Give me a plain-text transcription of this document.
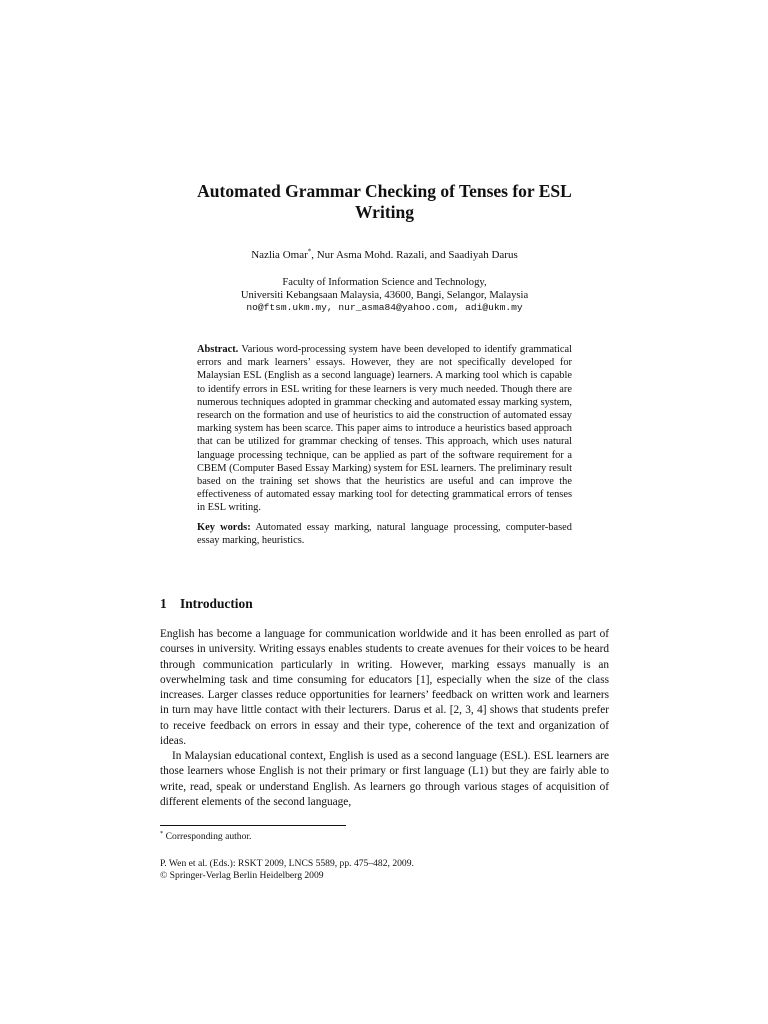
Automated Grammar Checking of Tenses for ESL
Writing
Nazlia Omar*, Nur Asma Mohd. Razali, and Saadiyah Darus
Faculty of Information Science and Technology,
Universiti Kebangsaan Malaysia, 43600, Bangi, Selangor, Malaysia
no@ftsm.ukm.my, nur_asma84@yahoo.com, adi@ukm.my

Abstract. Various word-processing system have been developed to identify grammatical errors and mark learners’ essays. However, they are not specifically developed for Malaysian ESL (English as a second language) learners. A marking tool which is capable to identify errors in ESL writing for these learners is very much needed. Though there are numerous techniques adopted in grammar checking and automated essay marking system, research on the formation and use of heuristics to aid the construction of automated essay marking system has been scarce. This paper aims to introduce a heuristics based approach that can be utilized for grammar checking of tenses. This approach, which uses natural language processing technique, can be applied as part of the software requirement for a CBEM (Computer Based Essay Marking) system for ESL learners. The preliminary result based on the training set shows that the heuristics are useful and can improve the effectiveness of automated essay marking tool for detecting grammatical errors of tenses in ESL writing.

Key words: Automated essay marking, natural language processing, computer-based essay marking, heuristics.

1 Introduction

English has become a language for communication worldwide and it has been enrolled as part of courses in university. Writing essays enables students to create avenues for their voices to be heard through communication particularly in writing. However, marking essays manually is an overwhelming task and time consuming for educators [1], especially when the size of the class increases. Larger classes reduce opportunities for learners’ feedback on written work and learners in turn may have little contact with their lecturers. Darus et al. [2, 3, 4] shows that students prefer to receive feedback on errors in essay and their type, coherence of the text and organization of ideas.

In Malaysian educational context, English is used as a second language (ESL). ESL learners are those learners whose English is not their primary or first language (L1) but they are fairly able to write, read, speak or understand English. As learners go through various stages of acquisition of different elements of the second language,

* Corresponding author.
P. Wen et al. (Eds.): RSKT 2009, LNCS 5589, pp. 475–482, 2009.
© Springer-Verlag Berlin Heidelberg 2009
